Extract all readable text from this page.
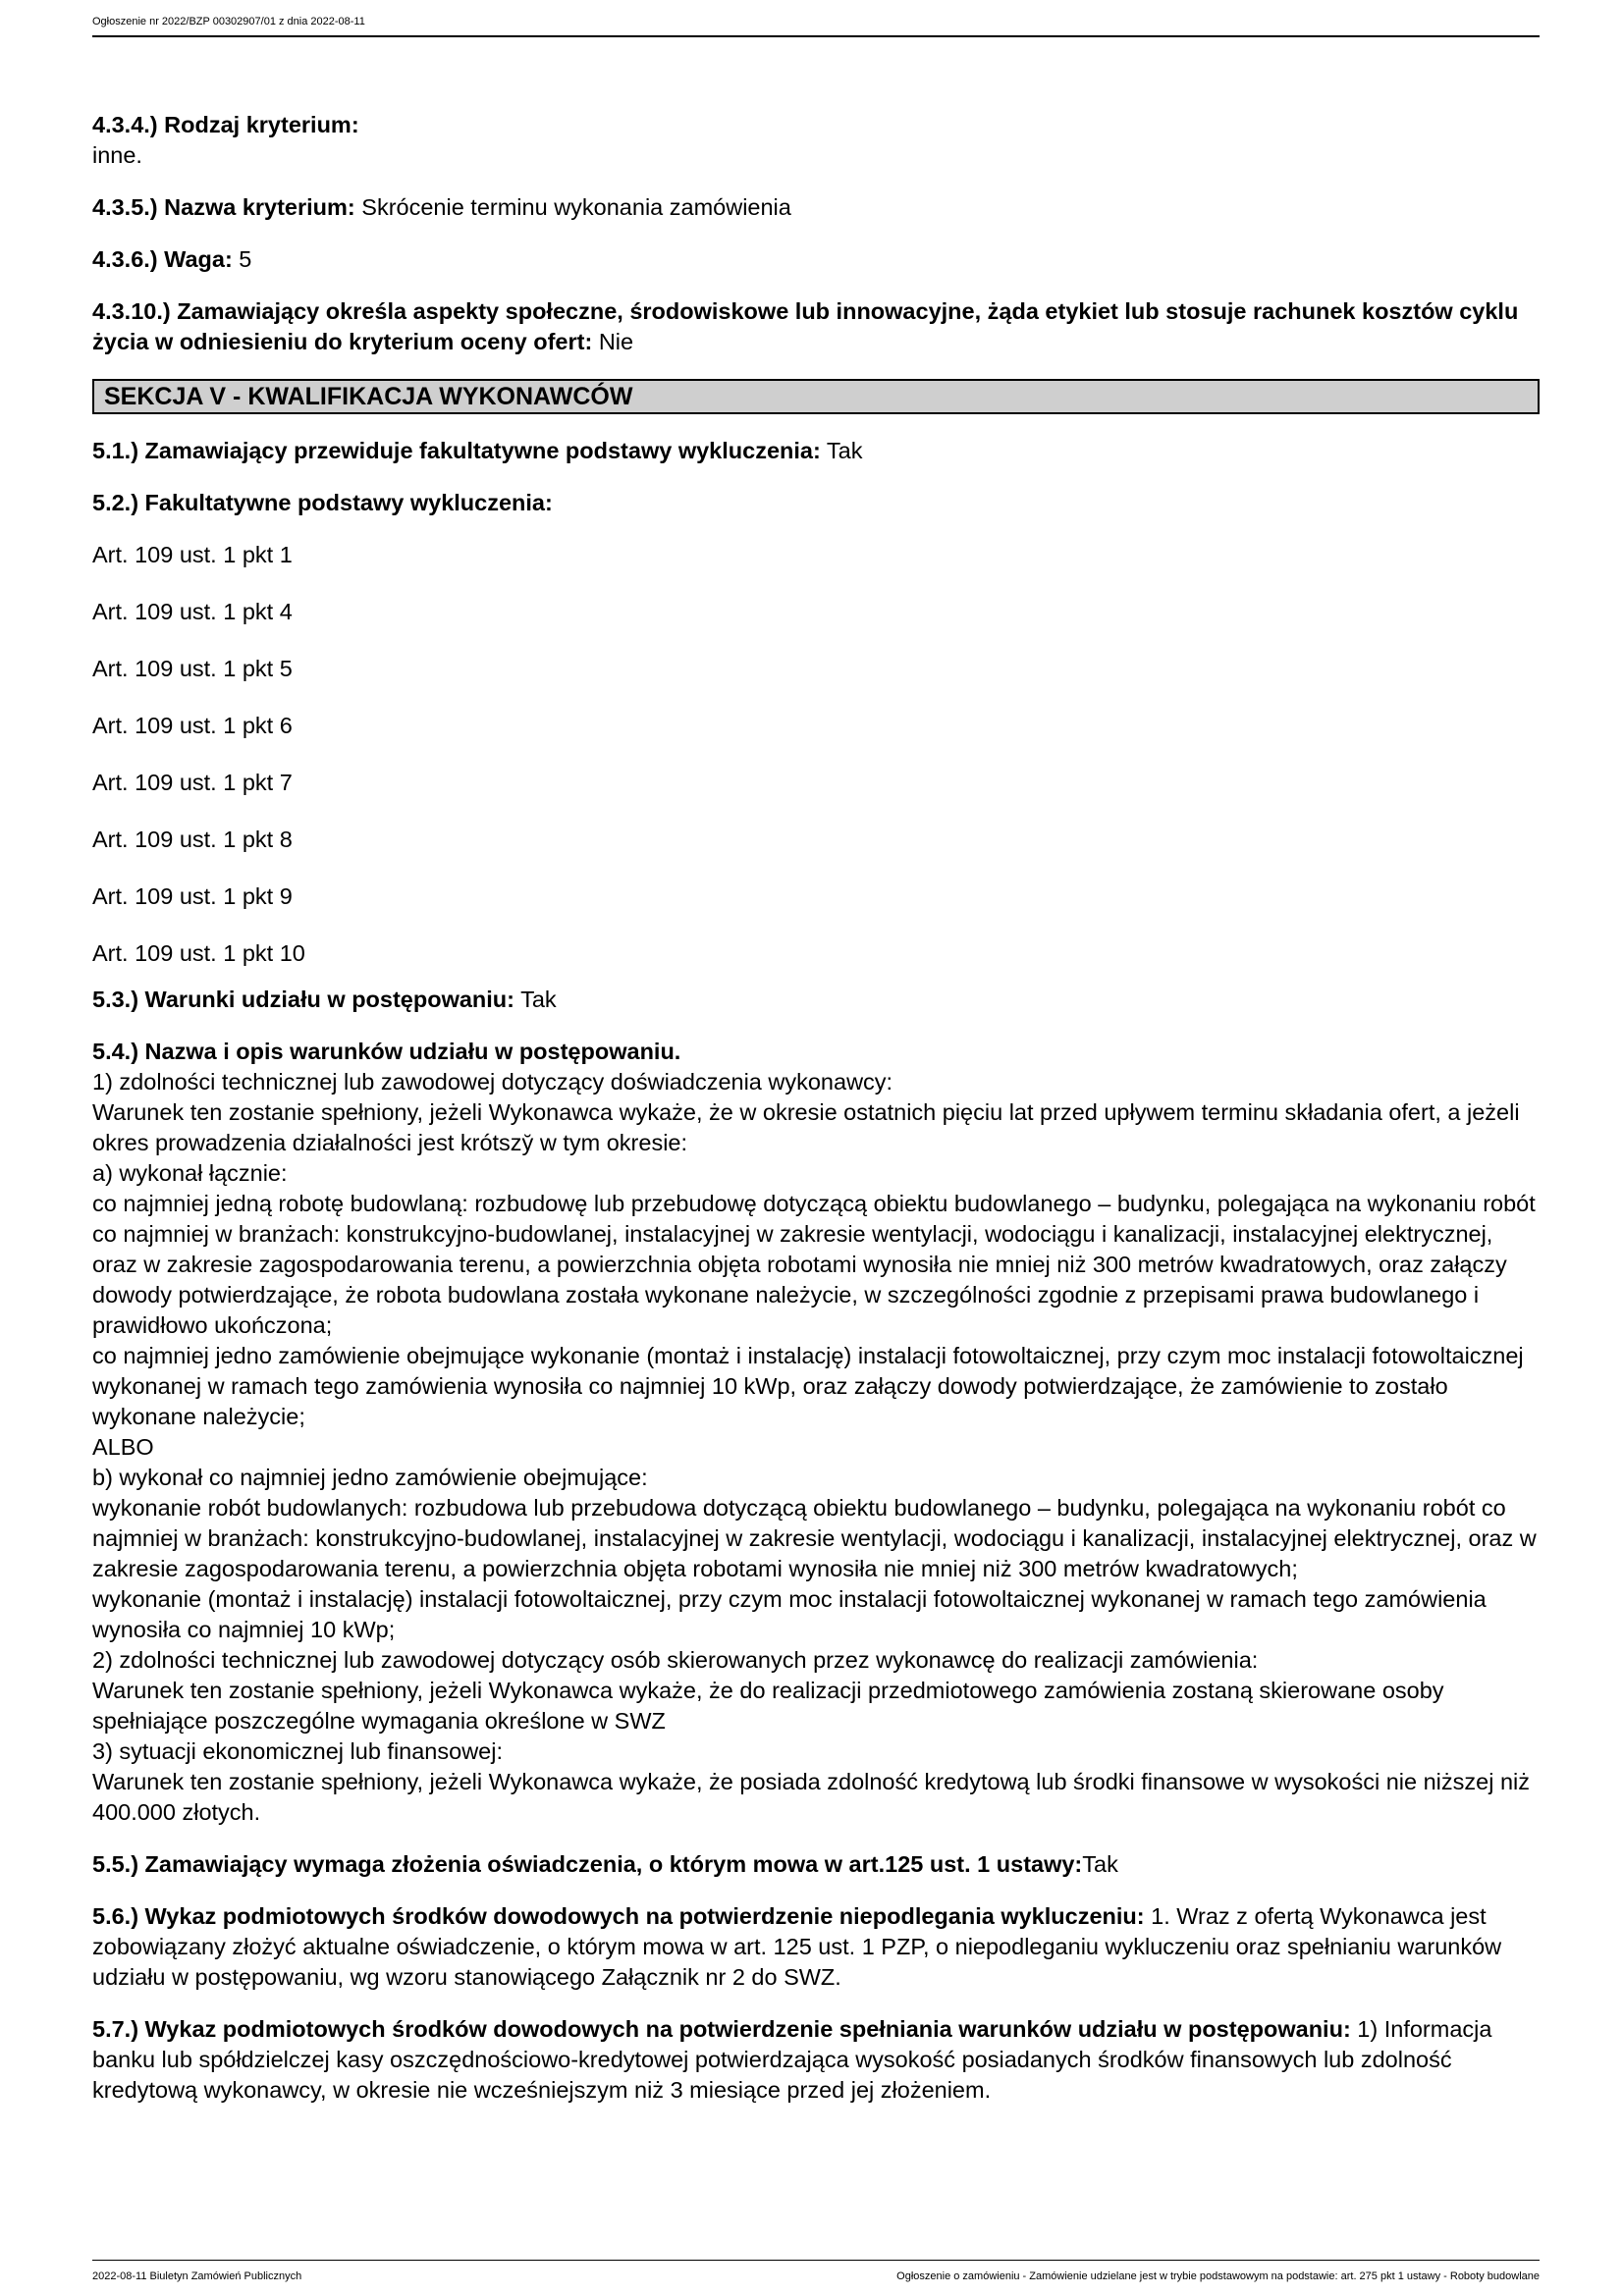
Ogłoszenie nr 2022/BZP 00302907/01 z dnia 2022-08-11
4.3.4.) Rodzaj kryterium:
inne.
4.3.5.) Nazwa kryterium: Skrócenie terminu wykonania zamówienia
4.3.6.) Waga: 5
4.3.10.) Zamawiający określa aspekty społeczne, środowiskowe lub innowacyjne, żąda etykiet lub stosuje rachunek kosztów cyklu życia w odniesieniu do kryterium oceny ofert: Nie
SEKCJA V - KWALIFIKACJA WYKONAWCÓW
5.1.) Zamawiający przewiduje fakultatywne podstawy wykluczenia: Tak
5.2.) Fakultatywne podstawy wykluczenia:
Art. 109 ust. 1 pkt 1
Art. 109 ust. 1 pkt 4
Art. 109 ust. 1 pkt 5
Art. 109 ust. 1 pkt 6
Art. 109 ust. 1 pkt 7
Art. 109 ust. 1 pkt 8
Art. 109 ust. 1 pkt 9
Art. 109 ust. 1 pkt 10
5.3.) Warunki udziału w postępowaniu: Tak
5.4.) Nazwa i opis warunków udziału w postępowaniu.
1) zdolności technicznej lub zawodowej dotyczący doświadczenia wykonawcy:
Warunek ten zostanie spełniony, jeżeli Wykonawca wykaże, że w okresie ostatnich pięciu lat przed upływem terminu składania ofert, a jeżeli okres prowadzenia działalności jest krótszy̆ w tym okresie:
a) wykonał łącznie:
co najmniej jedną robotę budowlaną: rozbudowę lub przebudowę dotyczącą obiektu budowlanego – budynku, polegająca na wykonaniu robót co najmniej w branżach: konstrukcyjno-budowlanej, instalacyjnej w zakresie wentylacji, wodociągu i kanalizacji, instalacyjnej elektrycznej, oraz w zakresie zagospodarowania terenu, a powierzchnia objęta robotami wynosiła nie mniej niż 300 metrów kwadratowych, oraz załączy dowody potwierdzające, że robota budowlana została wykonane należycie, w szczególności zgodnie z przepisami prawa budowlanego i prawidłowo ukończona;
co najmniej jedno zamówienie obejmujące wykonanie (montaż i instalację) instalacji fotowoltaicznej, przy czym moc instalacji fotowoltaicznej wykonanej w ramach tego zamówienia wynosiła co najmniej 10 kWp, oraz załączy dowody potwierdzające, że zamówienie to zostało wykonane należycie;
ALBO
b) wykonał co najmniej jedno zamówienie obejmujące:
wykonanie robót budowlanych: rozbudowa lub przebudowa dotyczącą obiektu budowlanego – budynku, polegająca na wykonaniu robót co najmniej w branżach: konstrukcyjno-budowlanej, instalacyjnej w zakresie wentylacji, wodociągu i kanalizacji, instalacyjnej elektrycznej, oraz w zakresie zagospodarowania terenu, a powierzchnia objęta robotami wynosiła nie mniej niż 300 metrów kwadratowych;
wykonanie (montaż i instalację) instalacji fotowoltaicznej, przy czym moc instalacji fotowoltaicznej wykonanej w ramach tego zamówienia wynosiła co najmniej 10 kWp;
2) zdolności technicznej lub zawodowej dotyczący osób skierowanych przez wykonawcę do realizacji zamówienia:
Warunek ten zostanie spełniony, jeżeli Wykonawca wykaże, że do realizacji przedmiotowego zamówienia zostaną skierowane osoby spełniające poszczególne wymagania określone w SWZ
3) sytuacji ekonomicznej lub finansowej:
Warunek ten zostanie spełniony, jeżeli Wykonawca wykaże, że posiada zdolność kredytową lub środki finansowe w wysokości nie niższej niż 400.000 złotych.
5.5.) Zamawiający wymaga złożenia oświadczenia, o którym mowa w art.125 ust. 1 ustawy:Tak
5.6.) Wykaz podmiotowych środków dowodowych na potwierdzenie niepodlegania wykluczeniu: 1. Wraz z ofertą Wykonawca jest zobowiązany złożyć aktualne oświadczenie, o którym mowa w art. 125 ust. 1 PZP, o niepodleganiu wykluczeniu oraz spełnianiu warunków udziału w postępowaniu, wg wzoru stanowiącego Załącznik nr 2 do SWZ.
5.7.) Wykaz podmiotowych środków dowodowych na potwierdzenie spełniania warunków udziału w postępowaniu: 1) Informacja banku lub spółdzielczej kasy oszczędnościowo-kredytowej potwierdzająca wysokość posiadanych środków finansowych lub zdolność kredytową wykonawcy, w okresie nie wcześniejszym niż 3 miesiące przed jej złożeniem.
2022-08-11 Biuletyn Zamówień Publicznych	Ogłoszenie o zamówieniu - Zamówienie udzielane jest w trybie podstawowym na podstawie: art. 275 pkt 1 ustawy - Roboty budowlane
